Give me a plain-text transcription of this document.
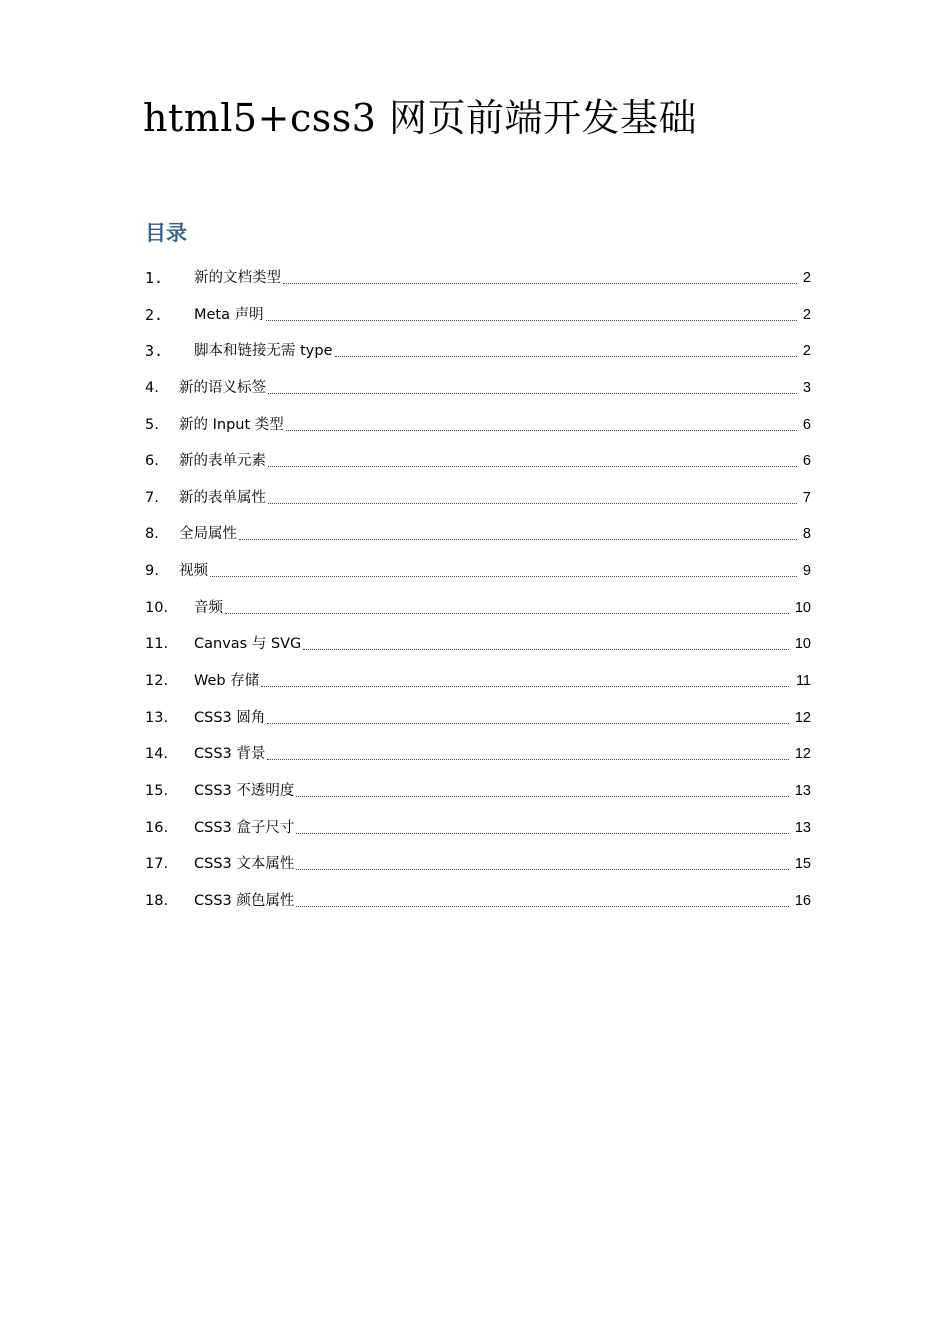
html5+css3 网页前端开发基础
目录
1. 新的文档类型	2
2. Meta 声明	2
3. 脚本和链接无需 type	2
4. 新的语义标签	3
5. 新的 Input 类型	6
6. 新的表单元素	6
7. 新的表单属性	7
8. 全局属性	8
9. 视频	9
10. 音频	10
11. Canvas 与 SVG	10
12. Web 存储	11
13. CSS3 圆角	12
14. CSS3 背景	12
15. CSS3 不透明度	13
16. CSS3 盒子尺寸	13
17. CSS3 文本属性	15
18. CSS3 颜色属性	16
